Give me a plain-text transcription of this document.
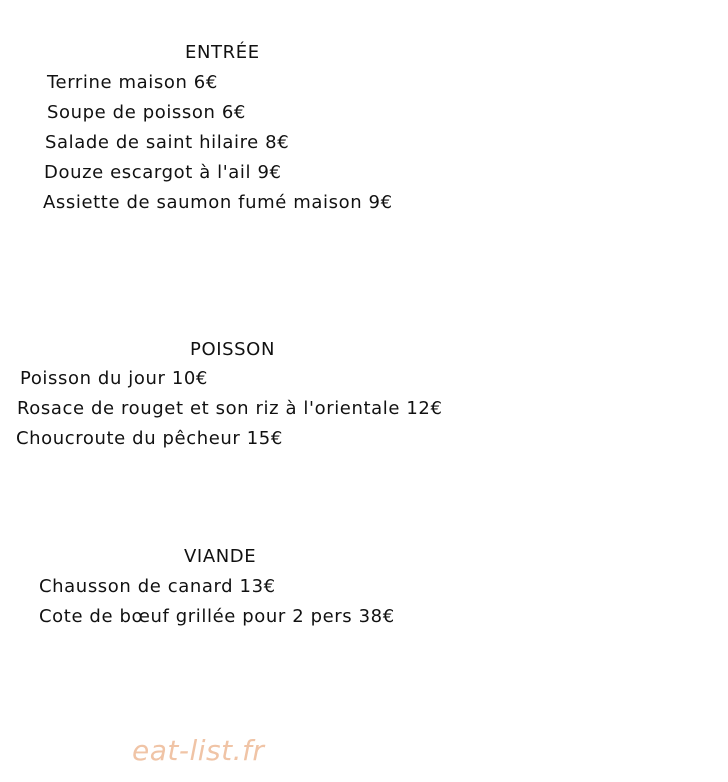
ENTRÉE
Terrine maison 6€
Soupe de poisson 6€
Salade de saint hilaire 8€
Douze escargot à l'ail 9€
Assiette de saumon fumé maison 9€
POISSON
Poisson du jour 10€
Rosace de rouget et son riz à l'orientale 12€
Choucroute du pêcheur 15€
VIANDE
Chausson de canard 13€
Cote de bœuf grillée pour 2 pers 38€
eat-list.fr
